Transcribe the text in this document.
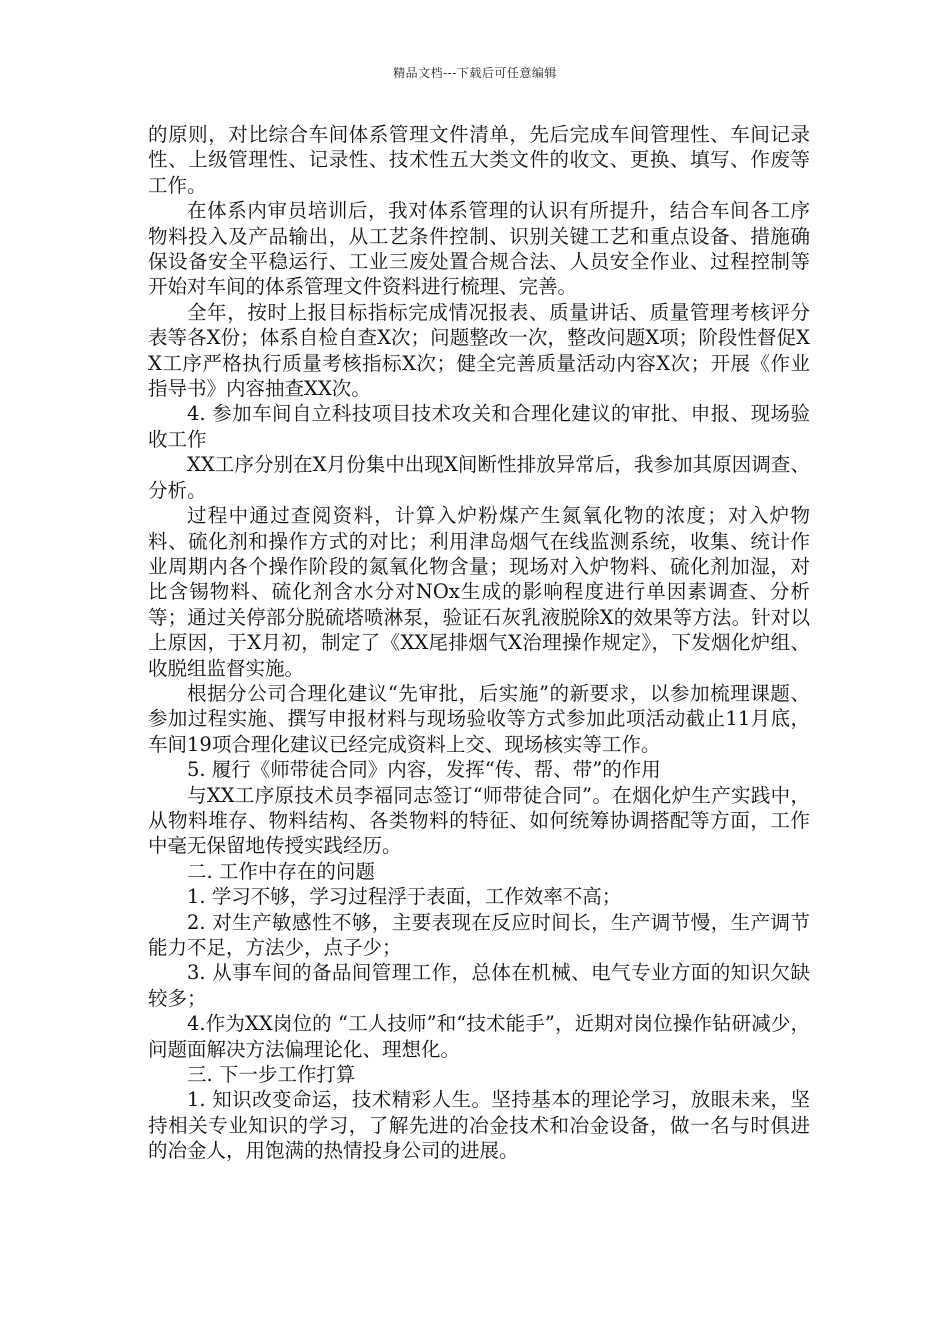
精品文档---下载后可任意编辑

的原则，对比综合车间体系管理文件清单，先后完成车间管理性、车间记录性、上级管理性、记录性、技术性五大类文件的收文、更换、填写、作废等工作。

在体系内审员培训后，我对体系管理的认识有所提升，结合车间各工序物料投入及产品输出，从工艺条件控制、识别关键工艺和重点设备、措施确保设备安全平稳运行、工业三废处置合规合法、人员安全作业、过程控制等开始对车间的体系管理文件资料进行梳理、完善。

全年，按时上报目标指标完成情况报表、质量讲话、质量管理考核评分表等各X份；体系自检自查X次；问题整改一次，整改问题X项；阶段性督促XX工序严格执行质量考核指标X次；健全完善质量活动内容X次；开展《作业指导书》内容抽查XX次。

4. 参加车间自立科技项目技术攻关和合理化建议的审批、申报、现场验收工作

XX工序分别在X月份集中出现X间断性排放异常后，我参加其原因调查、分析。

过程中通过查阅资料，计算入炉粉煤产生氮氧化物的浓度；对入炉物料、硫化剂和操作方式的对比；利用津岛烟气在线监测系统，收集、统计作业周期内各个操作阶段的氮氧化物含量；现场对入炉物料、硫化剂加湿，对比含锡物料、硫化剂含水分对NOx生成的影响程度进行单因素调查、分析等；通过关停部分脱硫塔喷淋泵，验证石灰乳液脱除X的效果等方法。针对以上原因，于X月初，制定了《XX尾排烟气X治理操作规定》，下发烟化炉组、收脱组监督实施。

根据分公司合理化建议“先审批，后实施”的新要求，以参加梳理课题、参加过程实施、撰写申报材料与现场验收等方式参加此项活动截止11月底，车间19项合理化建议已经完成资料上交、现场核实等工作。

5. 履行《师带徒合同》内容，发挥“传、帮、带”的作用

与XX工序原技术员李福同志签订“师带徒合同”。在烟化炉生产实践中，从物料堆存、物料结构、各类物料的特征、如何统筹协调搭配等方面，工作中毫无保留地传授实践经历。

二. 工作中存在的问题

1. 学习不够，学习过程浮于表面，工作效率不高；

2. 对生产敏感性不够，主要表现在反应时间长，生产调节慢，生产调节能力不足，方法少，点子少；

3. 从事车间的备品间管理工作，总体在机械、电气专业方面的知识欠缺较多；

4.作为XX岗位的 “工人技师”和“技术能手”，近期对岗位操作钻研减少，问题面解决方法偏理论化、理想化。

三. 下一步工作打算

1. 知识改变命运，技术精彩人生。坚持基本的理论学习，放眼未来，坚持相关专业知识的学习，了解先进的冶金技术和冶金设备，做一名与时俱进的冶金人，用饱满的热情投身公司的进展。
